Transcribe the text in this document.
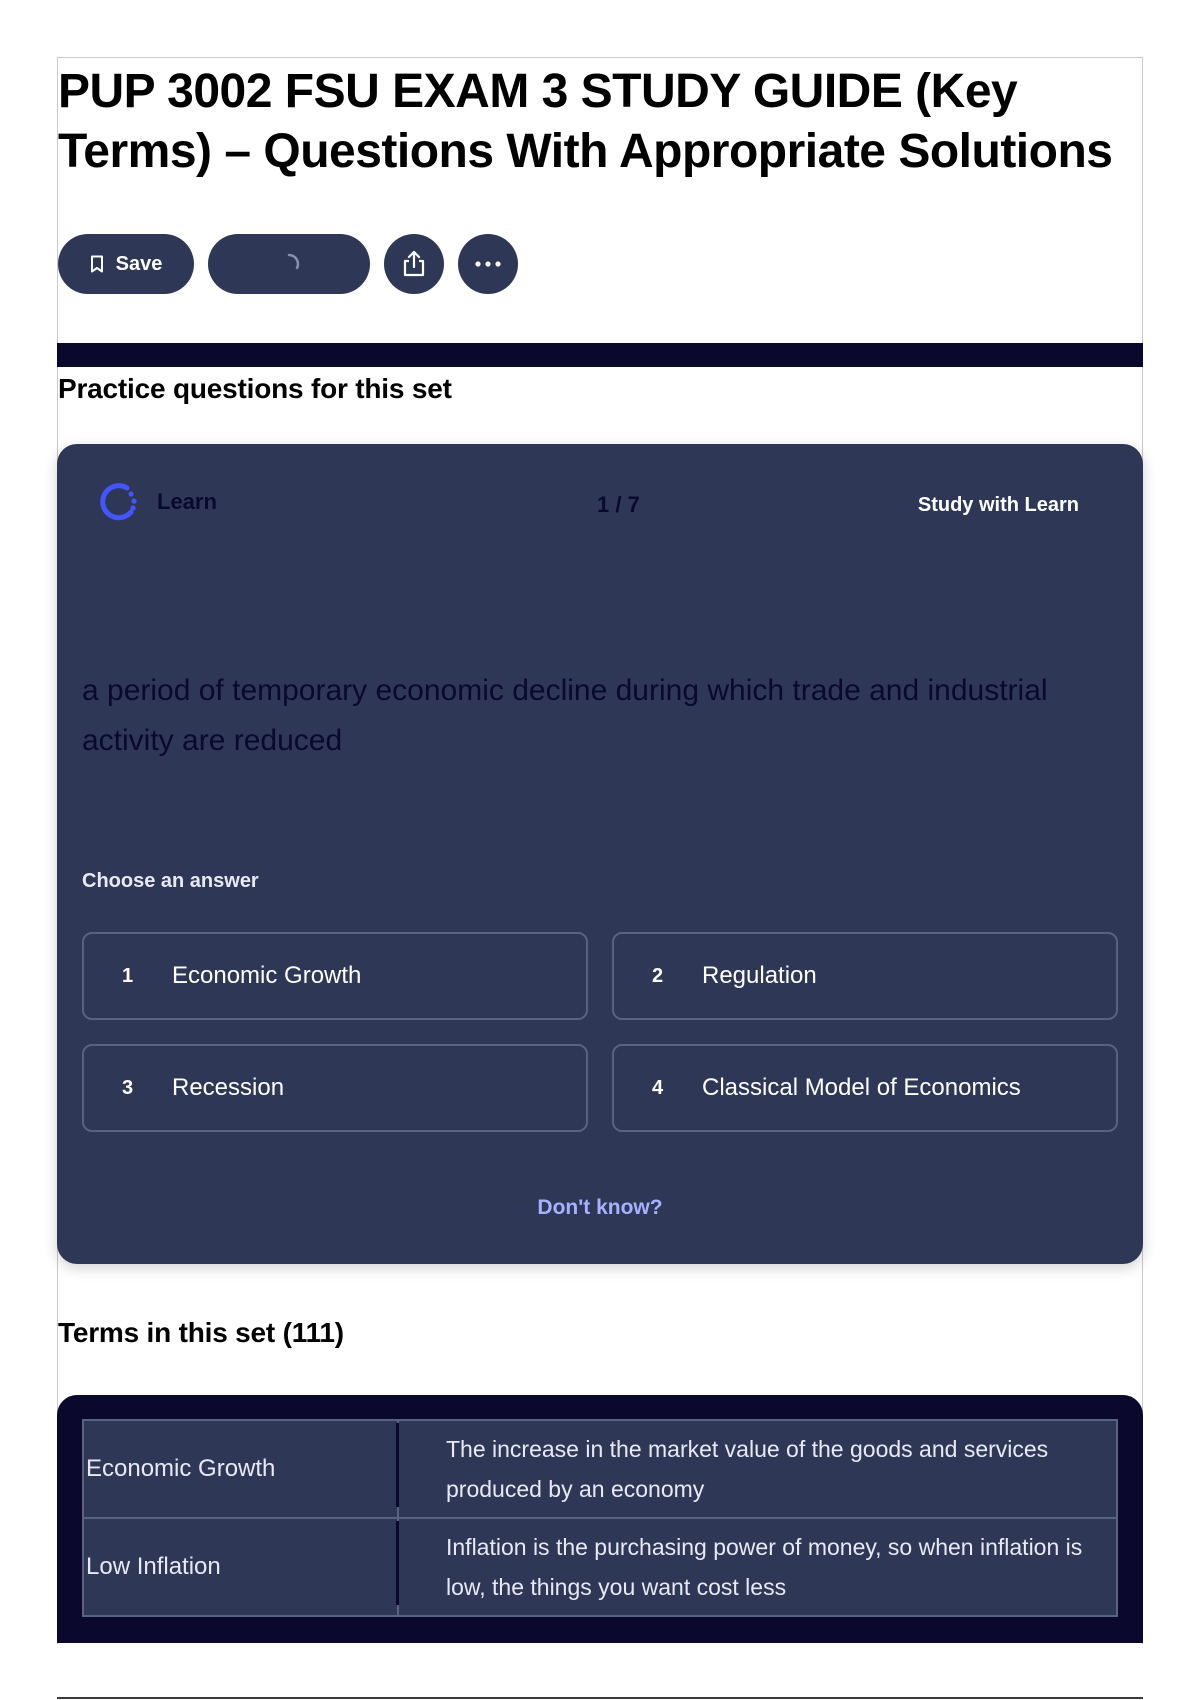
PUP 3002 FSU EXAM 3 STUDY GUIDE (Key Terms) – Questions With Appropriate Solutions
Save
Practice questions for this set
Learn	1 / 7	Study with Learn

a period of temporary economic decline during which trade and industrial activity are reduced

Choose an answer
1	Economic Growth	2	Regulation
3	Recession	4	Classical Model of Economics
Don't know?
Terms in this set (111)
Economic Growth	The increase in the market value of the goods and services produced by an economy
Low Inflation	Inflation is the purchasing power of money, so when inflation is low, the things you want cost less
